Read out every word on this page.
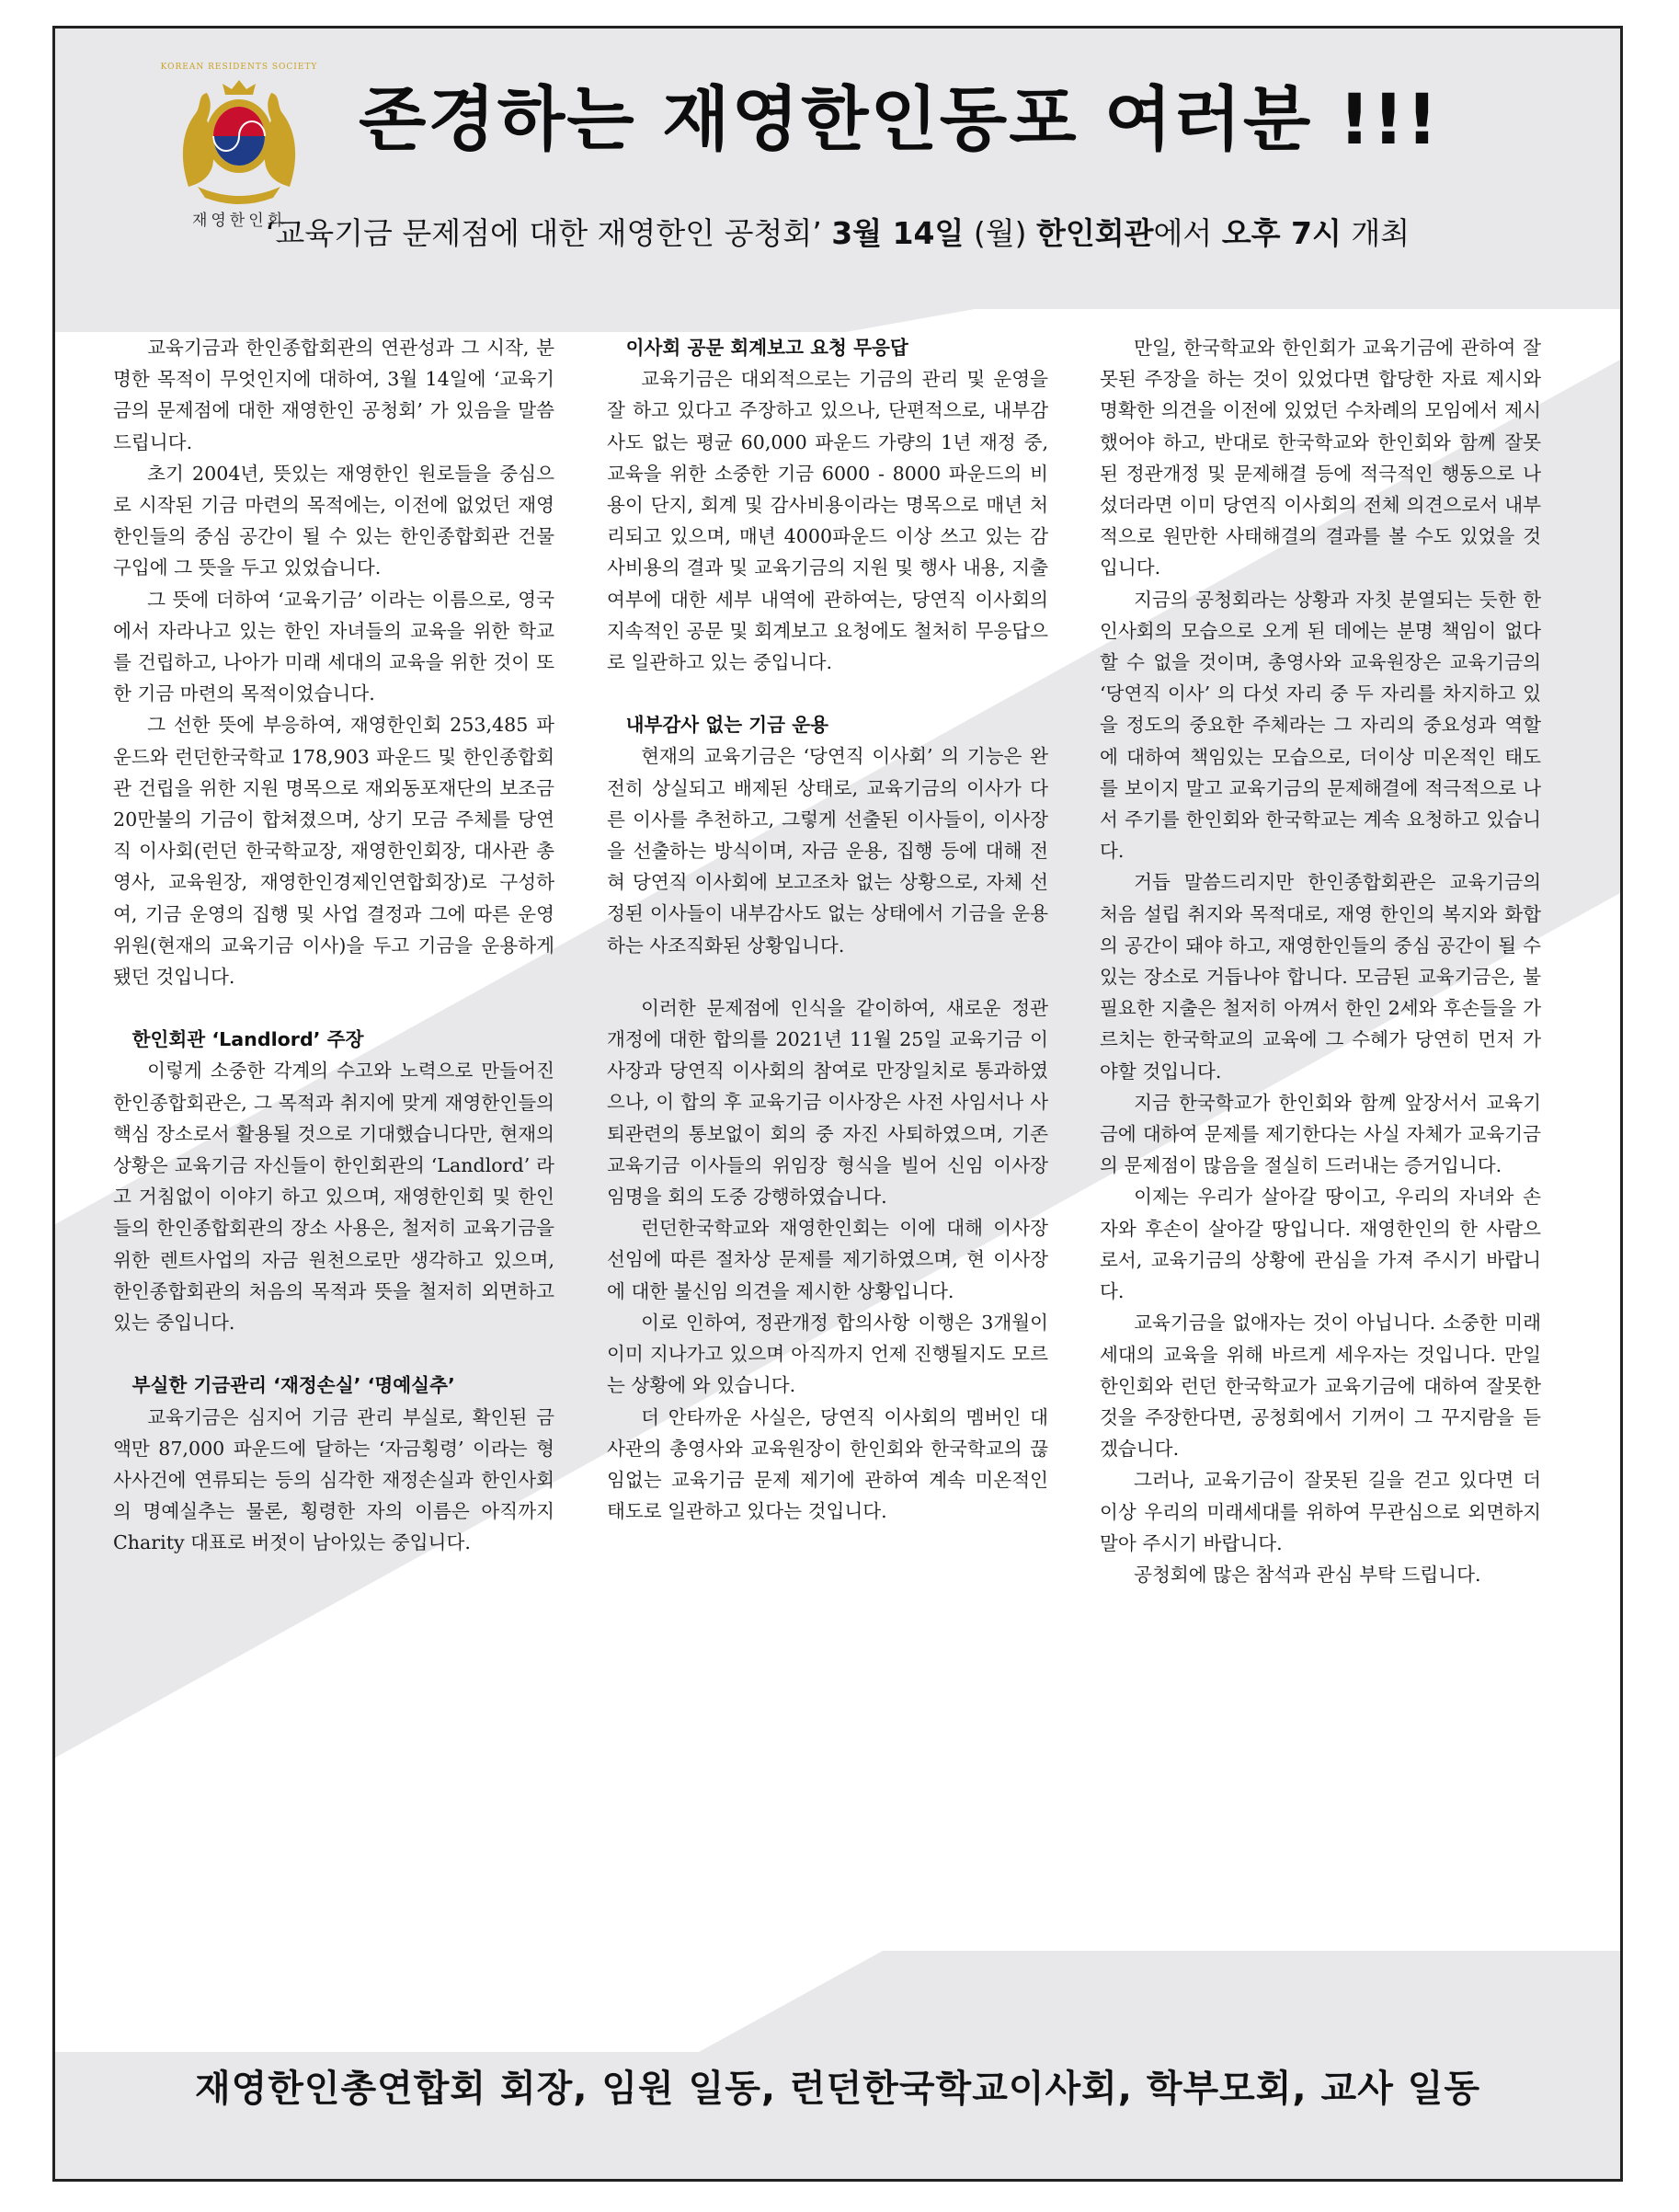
KOREAN RESIDENTS SOCIETY
재영한인회
존경하는 재영한인동포 여러분 !!!
‘교육기금 문제점에 대한 재영한인 공청회’ 3월 14일 (월) 한인회관에서 오후 7시 개최

교육기금과 한인종합회관의 연관성과 그 시작, 분명한 목적이 무엇인지에 대하여, 3월 14일에 ‘교육기금의 문제점에 대한 재영한인 공청회’ 가 있음을 말씀 드립니다.

초기 2004년, 뜻있는 재영한인 원로들을 중심으로 시작된 기금 마련의 목적에는, 이전에 없었던 재영한인들의 중심 공간이 될 수 있는 한인종합회관 건물구입에 그 뜻을 두고 있었습니다.

그 뜻에 더하여 ‘교육기금’ 이라는 이름으로, 영국에서 자라나고 있는 한인 자녀들의 교육을 위한 학교를 건립하고, 나아가 미래 세대의 교육을 위한 것이 또한 기금 마련의 목적이었습니다.

그 선한 뜻에 부응하여, 재영한인회 253,485 파운드와 런던한국학교 178,903 파운드 및 한인종합회관 건립을 위한 지원 명목으로 재외동포재단의 보조금 20만불의 기금이 합쳐졌으며, 상기 모금 주체를 당연직 이사회(런던 한국학교장, 재영한인회장, 대사관 총영사, 교육원장, 재영한인경제인연합회장)로 구성하여, 기금 운영의 집행 및 사업 결정과 그에 따른 운영위원(현재의 교육기금 이사)을 두고 기금을 운용하게 됐던 것입니다.

한인회관 ‘Landlord’ 주장

이렇게 소중한 각계의 수고와 노력으로 만들어진 한인종합회관은, 그 목적과 취지에 맞게 재영한인들의 핵심 장소로서 활용될 것으로 기대했습니다만, 현재의 상황은 교육기금 자신들이 한인회관의 ‘Landlord’ 라고 거침없이 이야기 하고 있으며, 재영한인회 및 한인들의 한인종합회관의 장소 사용은, 철저히 교육기금을 위한 렌트사업의 자금 원천으로만 생각하고 있으며, 한인종합회관의 처음의 목적과 뜻을 철저히 외면하고 있는 중입니다.

부실한 기금관리 ‘재정손실’ ‘명예실추’

교육기금은 심지어 기금 관리 부실로, 확인된 금액만 87,000 파운드에 달하는 ‘자금횡령’ 이라는 형사사건에 연류되는 등의 심각한 재정손실과 한인사회의 명예실추는 물론, 횡령한 자의 이름은 아직까지 Charity 대표로 버젓이 남아있는 중입니다.

이사회 공문 회계보고 요청 무응답

교육기금은 대외적으로는 기금의 관리 및 운영을 잘 하고 있다고 주장하고 있으나, 단편적으로, 내부감사도 없는 평균 60,000 파운드 가량의 1년 재정 중, 교육을 위한 소중한 기금 6000 - 8000 파운드의 비용이 단지, 회계 및 감사비용이라는 명목으로 매년 처리되고 있으며, 매년 4000파운드 이상 쓰고 있는 감사비용의 결과 및 교육기금의 지원 및 행사 내용, 지출 여부에 대한 세부 내역에 관하여는, 당연직 이사회의 지속적인 공문 및 회계보고 요청에도 철처히 무응답으로 일관하고 있는 중입니다.

내부감사 없는 기금 운용

현재의 교육기금은 ‘당연직 이사회’ 의 기능은 완전히 상실되고 배제된 상태로, 교육기금의 이사가 다른 이사를 추천하고, 그렇게 선출된 이사들이, 이사장을 선출하는 방식이며, 자금 운용, 집행 등에 대해 전혀 당연직 이사회에 보고조차 없는 상황으로, 자체 선정된 이사들이 내부감사도 없는 상태에서 기금을 운용하는 사조직화된 상황입니다.

이러한 문제점에 인식을 같이하여, 새로운 정관 개정에 대한 합의를 2021년 11월 25일 교육기금 이사장과 당연직 이사회의 참여로 만장일치로 통과하였으나, 이 합의 후 교육기금 이사장은 사전 사임서나 사퇴관련의 통보없이 회의 중 자진 사퇴하였으며, 기존 교육기금 이사들의 위임장 형식을 빌어 신임 이사장 임명을 회의 도중 강행하였습니다.

런던한국학교와 재영한인회는 이에 대해 이사장 선임에 따른 절차상 문제를 제기하였으며, 현 이사장에 대한 불신임 의견을 제시한 상황입니다.

이로 인하여, 정관개정 합의사항 이행은 3개월이 이미 지나가고 있으며 아직까지 언제 진행될지도 모르는 상황에 와 있습니다.

더 안타까운 사실은, 당연직 이사회의 멤버인 대사관의 총영사와 교육원장이 한인회와 한국학교의 끊임없는 교육기금 문제 제기에 관하여 계속 미온적인 태도로 일관하고 있다는 것입니다.

만일, 한국학교와 한인회가 교육기금에 관하여 잘못된 주장을 하는 것이 있었다면 합당한 자료 제시와 명확한 의견을 이전에 있었던 수차례의 모임에서 제시했어야 하고, 반대로 한국학교와 한인회와 함께 잘못된 정관개정 및 문제해결 등에 적극적인 행동으로 나섰더라면 이미 당연직 이사회의 전체 의견으로서 내부적으로 원만한 사태해결의 결과를 볼 수도 있었을 것입니다.

지금의 공청회라는 상황과 자칫 분열되는 듯한 한인사회의 모습으로 오게 된 데에는 분명 책임이 없다 할 수 없을 것이며, 총영사와 교육원장은 교육기금의 ‘당연직 이사’ 의 다섯 자리 중 두 자리를 차지하고 있을 정도의 중요한 주체라는 그 자리의 중요성과 역할에 대하여 책임있는 모습으로, 더이상 미온적인 태도를 보이지 말고 교육기금의 문제해결에 적극적으로 나서 주기를 한인회와 한국학교는 계속 요청하고 있습니다.

거듭 말씀드리지만 한인종합회관은 교육기금의 처음 설립 취지와 목적대로, 재영 한인의 복지와 화합의 공간이 돼야 하고, 재영한인들의 중심 공간이 될 수 있는 장소로 거듭나야 합니다. 모금된 교육기금은, 불필요한 지출은 철저히 아껴서 한인 2세와 후손들을 가르치는 한국학교의 교육에 그 수혜가 당연히 먼저 가야할 것입니다.

지금 한국학교가 한인회와 함께 앞장서서 교육기금에 대하여 문제를 제기한다는 사실 자체가 교육기금의 문제점이 많음을 절실히 드러내는 증거입니다.

이제는 우리가 살아갈 땅이고, 우리의 자녀와 손자와 후손이 살아갈 땅입니다. 재영한인의 한 사람으로서, 교육기금의 상황에 관심을 가져 주시기 바랍니다.

교육기금을 없애자는 것이 아닙니다. 소중한 미래세대의 교육을 위해 바르게 세우자는 것입니다. 만일 한인회와 런던 한국학교가 교육기금에 대하여 잘못한 것을 주장한다면, 공청회에서 기꺼이 그 꾸지람을 듣겠습니다.

그러나, 교육기금이 잘못된 길을 걷고 있다면 더이상 우리의 미래세대를 위하여 무관심으로 외면하지 말아 주시기 바랍니다.

공청회에 많은 참석과 관심 부탁 드립니다.

재영한인총연합회 회장, 임원 일동, 런던한국학교이사회, 학부모회, 교사 일동
